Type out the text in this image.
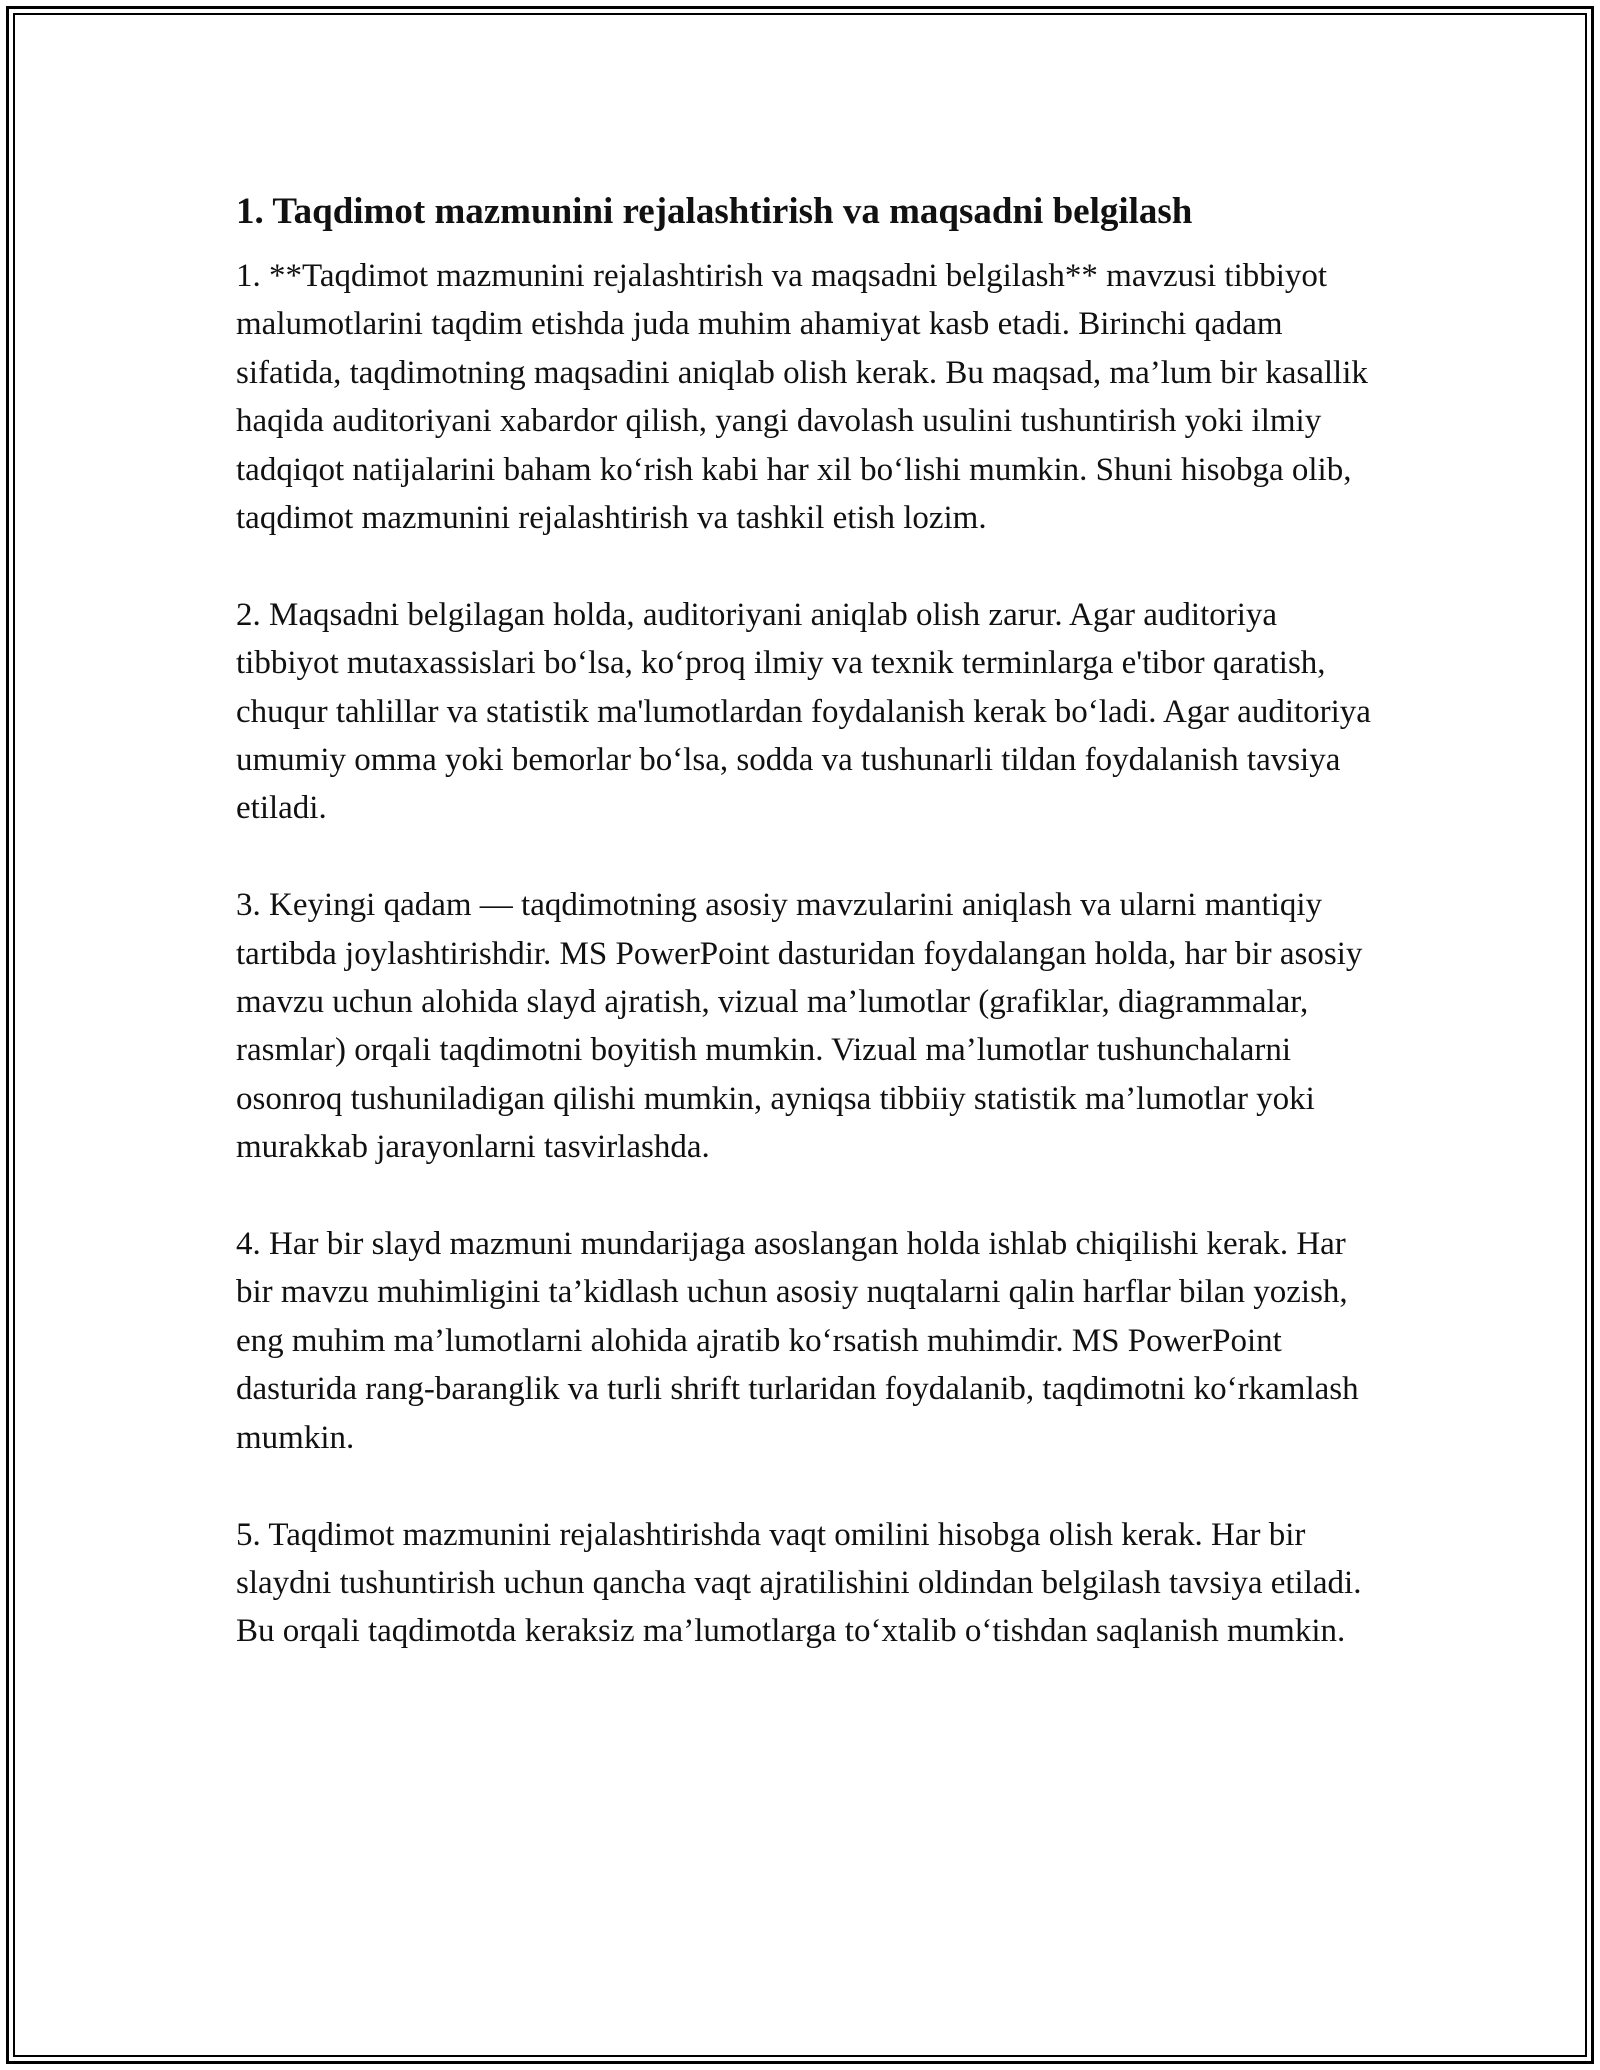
1. Taqdimot mazmunini rejalashtirish va maqsadni belgilash

1. **Taqdimot mazmunini rejalashtirish va maqsadni belgilash** mavzusi tibbiyot malumotlarini taqdim etishda juda muhim ahamiyat kasb etadi. Birinchi qadam sifatida, taqdimotning maqsadini aniqlab olish kerak. Bu maqsad, ma’lum bir kasallik haqida auditoriyani xabardor qilish, yangi davolash usulini tushuntirish yoki ilmiy tadqiqot natijalarini baham ko‘rish kabi har xil bo‘lishi mumkin. Shuni hisobga olib, taqdimot mazmunini rejalashtirish va tashkil etish lozim.

2. Maqsadni belgilagan holda, auditoriyani aniqlab olish zarur. Agar auditoriya tibbiyot mutaxassislari bo‘lsa, ko‘proq ilmiy va texnik terminlarga e'tibor qaratish, chuqur tahlillar va statistik ma'lumotlardan foydalanish kerak bo‘ladi. Agar auditoriya umumiy omma yoki bemorlar bo‘lsa, sodda va tushunarli tildan foydalanish tavsiya etiladi.

3. Keyingi qadam — taqdimotning asosiy mavzularini aniqlash va ularni mantiqiy tartibda joylashtirishdir. MS PowerPoint dasturidan foydalangan holda, har bir asosiy mavzu uchun alohida slayd ajratish, vizual ma’lumotlar (grafiklar, diagrammalar, rasmlar) orqali taqdimotni boyitish mumkin. Vizual ma’lumotlar tushunchalarni osonroq tushuniladigan qilishi mumkin, ayniqsa tibbiiy statistik ma’lumotlar yoki murakkab jarayonlarni tasvirlashda.

4. Har bir slayd mazmuni mundarijaga asoslangan holda ishlab chiqilishi kerak. Har bir mavzu muhimligini ta’kidlash uchun asosiy nuqtalarni qalin harflar bilan yozish, eng muhim ma’lumotlarni alohida ajratib ko‘rsatish muhimdir. MS PowerPoint dasturida rang-baranglik va turli shrift turlaridan foydalanib, taqdimotni ko‘rkamlash mumkin.

5. Taqdimot mazmunini rejalashtirishda vaqt omilini hisobga olish kerak. Har bir slaydni tushuntirish uchun qancha vaqt ajratilishini oldindan belgilash tavsiya etiladi. Bu orqali taqdimotda keraksiz ma’lumotlarga to‘xtalib o‘tishdan saqlanish mumkin.
